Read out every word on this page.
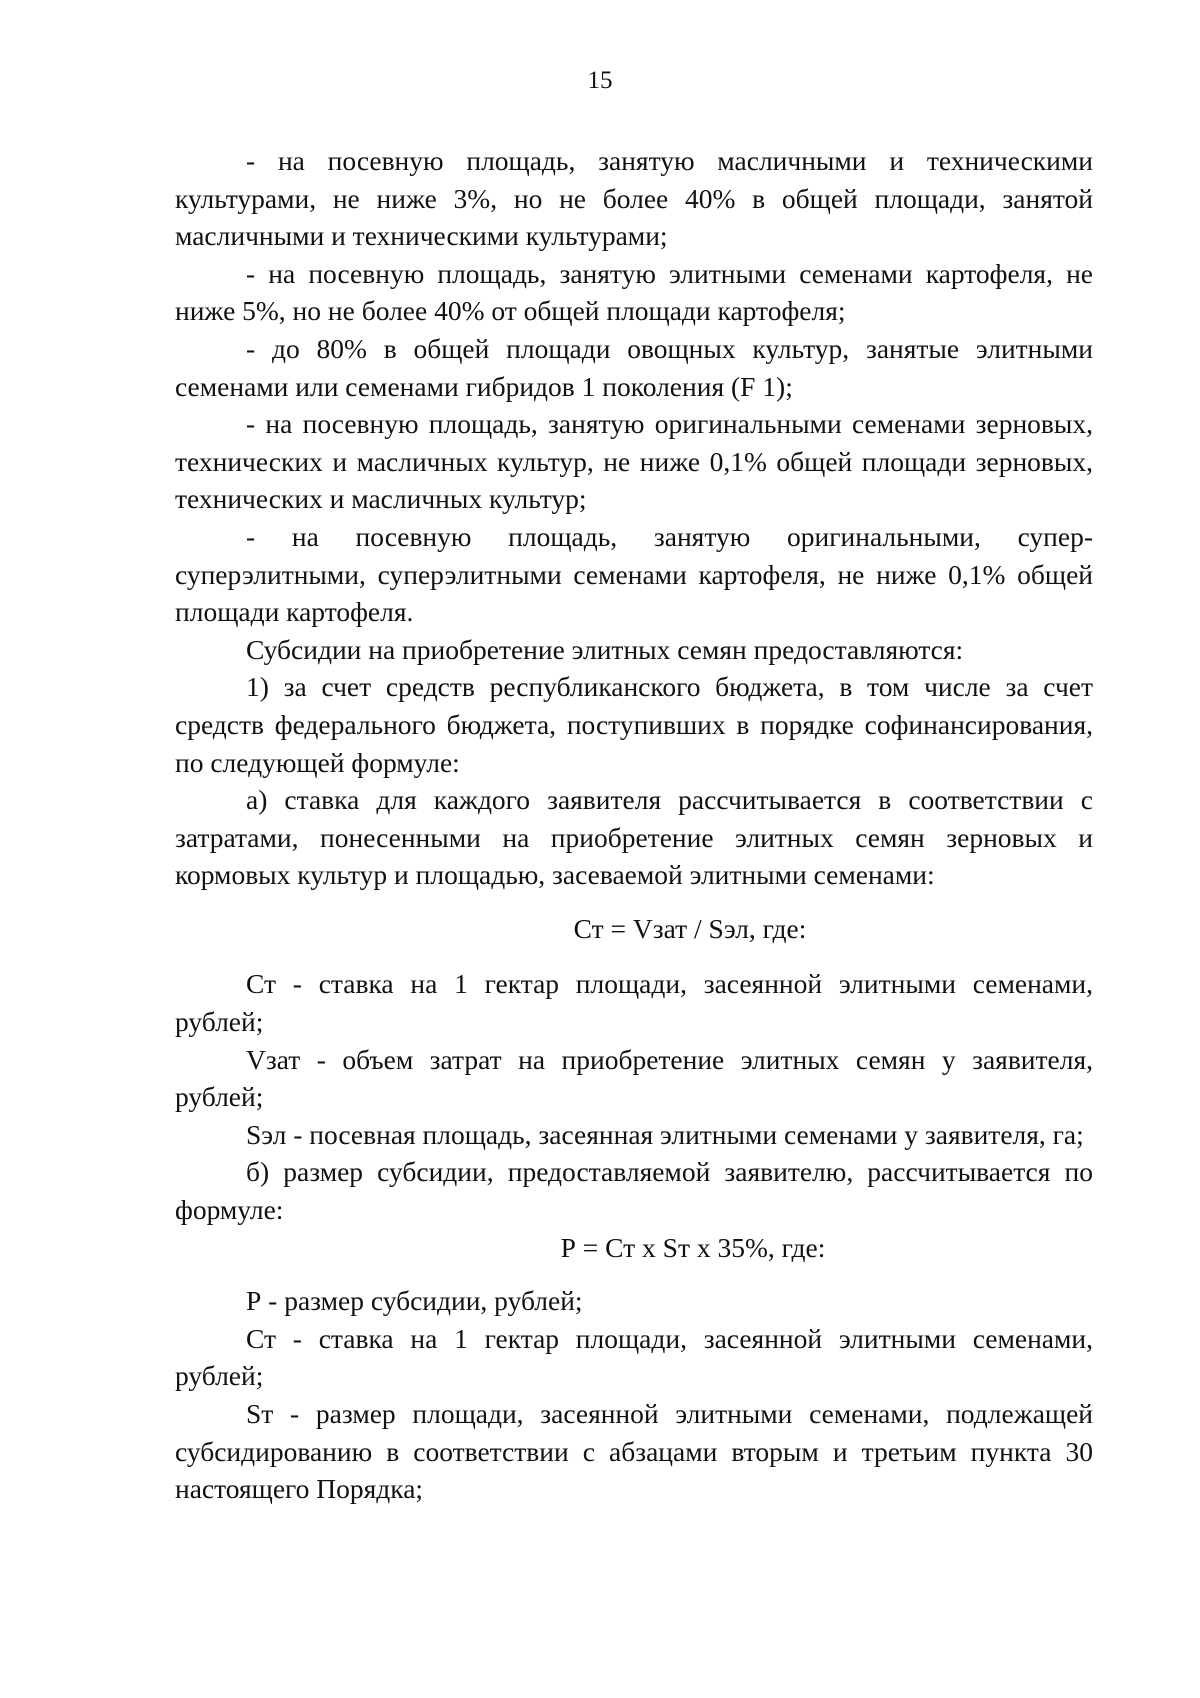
15

- на посевную площадь, занятую масличными и техническими культурами, не ниже 3%, но не более 40% в общей площади, занятой масличными и техническими культурами;

- на посевную площадь, занятую элитными семенами картофеля, не ниже 5%, но не более 40% от общей площади картофеля;

- до 80% в общей площади овощных культур, занятые элитными семенами или семенами гибридов 1 поколения (F 1);

- на посевную площадь, занятую оригинальными семенами зерновых, технических и масличных культур, не ниже 0,1% общей площади зерновых, технических и масличных культур;

- на посевную площадь, занятую оригинальными, супер-суперэлитными, суперэлитными семенами картофеля, не ниже 0,1% общей площади картофеля.

Субсидии на приобретение элитных семян предоставляются:

1) за счет средств республиканского бюджета, в том числе за счет средств федерального бюджета, поступивших в порядке софинансирования, по следующей формуле:

а) ставка для каждого заявителя рассчитывается в соответствии с затратами, понесенными на приобретение элитных семян зерновых и кормовых культур и площадью, засеваемой элитными семенами:

Ст = Vзат / Sэл, где:

Ст - ставка на 1 гектар площади, засеянной элитными семенами, рублей;

Vзат - объем затрат на приобретение элитных семян у заявителя, рублей;

Sэл - посевная площадь, засеянная элитными семенами у заявителя, га;

б) размер субсидии, предоставляемой заявителю, рассчитывается по формуле:

Р = Ст х Sт х 35%, где:

Р - размер субсидии, рублей;

Ст - ставка на 1 гектар площади, засеянной элитными семенами, рублей;

Sт - размер площади, засеянной элитными семенами, подлежащей субсидированию в соответствии с абзацами вторым и третьим пункта 30 настоящего Порядка;
